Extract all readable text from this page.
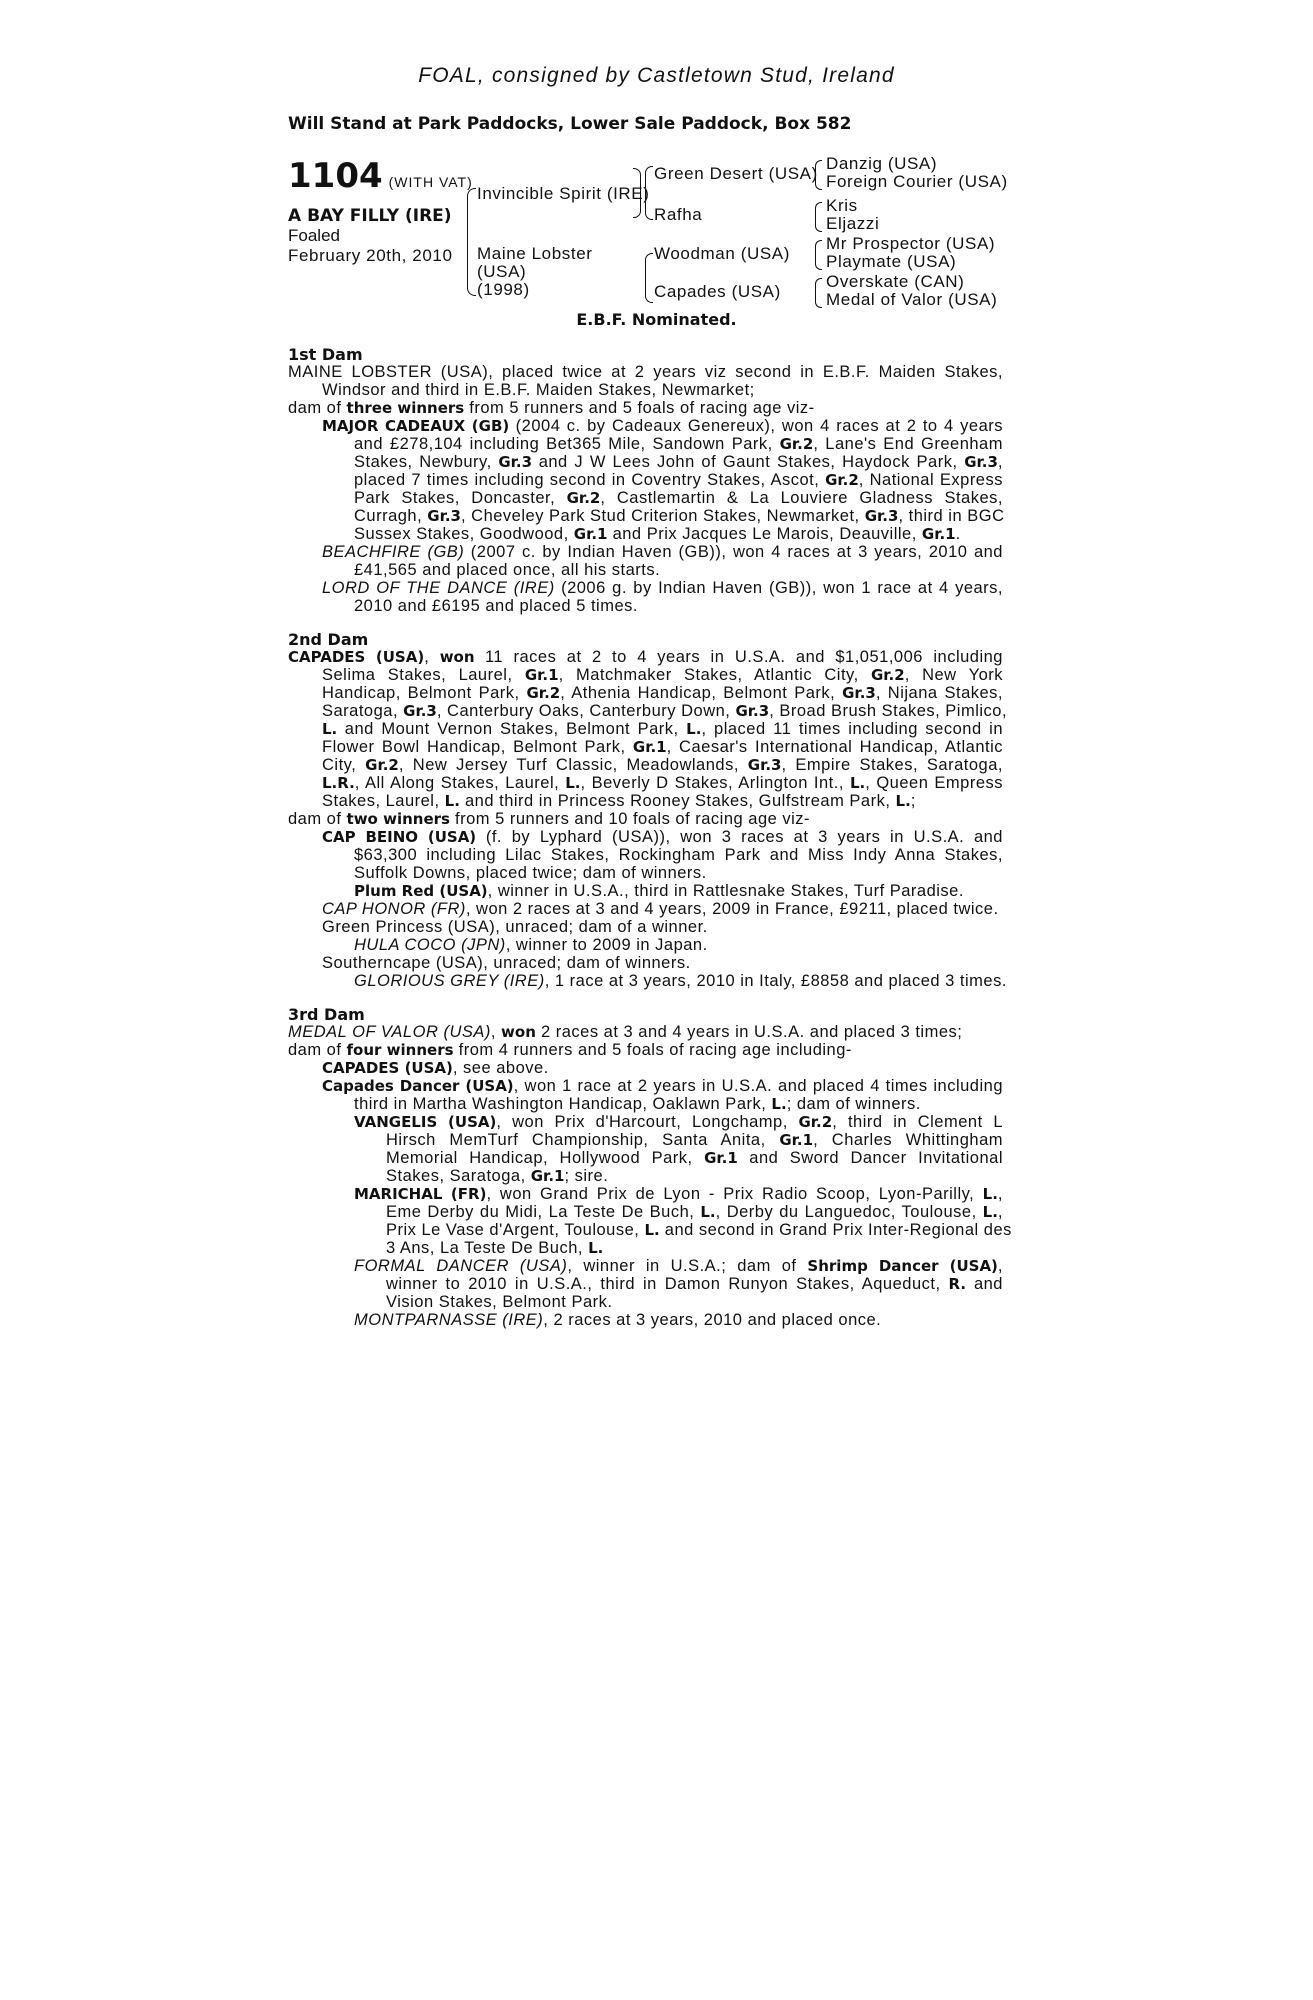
FOAL, consigned by Castletown Stud, Ireland
Will Stand at Park Paddocks, Lower Sale Paddock, Box 582
1104 (WITH VAT)
A BAY FILLY (IRE)
Foaled
February 20th, 2010
Invincible Spirit (IRE)
Maine Lobster
(USA)
(1998)
Green Desert (USA)
Rafha
Woodman (USA)
Capades (USA)
Danzig (USA)
Foreign Courier (USA)
Kris
Eljazzi
Mr Prospector (USA)
Playmate (USA)
Overskate (CAN)
Medal of Valor (USA)
E.B.F. Nominated.
1st Dam
MAINE LOBSTER (USA), placed twice at 2 years viz second in E.B.F. Maiden Stakes,
Windsor and third in E.B.F. Maiden Stakes, Newmarket;
dam of three winners from 5 runners and 5 foals of racing age viz-
MAJOR CADEAUX (GB) (2004 c. by Cadeaux Genereux), won 4 races at 2 to 4 years
and £278,104 including Bet365 Mile, Sandown Park, Gr.2, Lane's End Greenham
Stakes, Newbury, Gr.3 and J W Lees John of Gaunt Stakes, Haydock Park, Gr.3,
placed 7 times including second in Coventry Stakes, Ascot, Gr.2, National Express
Park Stakes, Doncaster, Gr.2, Castlemartin & La Louviere Gladness Stakes,
Curragh, Gr.3, Cheveley Park Stud Criterion Stakes, Newmarket, Gr.3, third in BGC
Sussex Stakes, Goodwood, Gr.1 and Prix Jacques Le Marois, Deauville, Gr.1.
BEACHFIRE (GB) (2007 c. by Indian Haven (GB)), won 4 races at 3 years, 2010 and
£41,565 and placed once, all his starts.
LORD OF THE DANCE (IRE) (2006 g. by Indian Haven (GB)), won 1 race at 4 years,
2010 and £6195 and placed 5 times.
2nd Dam
CAPADES (USA), won 11 races at 2 to 4 years in U.S.A. and $1,051,006 including
Selima Stakes, Laurel, Gr.1, Matchmaker Stakes, Atlantic City, Gr.2, New York
Handicap, Belmont Park, Gr.2, Athenia Handicap, Belmont Park, Gr.3, Nijana Stakes,
Saratoga, Gr.3, Canterbury Oaks, Canterbury Down, Gr.3, Broad Brush Stakes, Pimlico,
L. and Mount Vernon Stakes, Belmont Park, L., placed 11 times including second in
Flower Bowl Handicap, Belmont Park, Gr.1, Caesar's International Handicap, Atlantic
City, Gr.2, New Jersey Turf Classic, Meadowlands, Gr.3, Empire Stakes, Saratoga,
L.R., All Along Stakes, Laurel, L., Beverly D Stakes, Arlington Int., L., Queen Empress
Stakes, Laurel, L. and third in Princess Rooney Stakes, Gulfstream Park, L.;
dam of two winners from 5 runners and 10 foals of racing age viz-
CAP BEINO (USA) (f. by Lyphard (USA)), won 3 races at 3 years in U.S.A. and
$63,300 including Lilac Stakes, Rockingham Park and Miss Indy Anna Stakes,
Suffolk Downs, placed twice; dam of winners.
Plum Red (USA), winner in U.S.A., third in Rattlesnake Stakes, Turf Paradise.
CAP HONOR (FR), won 2 races at 3 and 4 years, 2009 in France, £9211, placed twice.
Green Princess (USA), unraced; dam of a winner.
HULA COCO (JPN), winner to 2009 in Japan.
Southerncape (USA), unraced; dam of winners.
GLORIOUS GREY (IRE), 1 race at 3 years, 2010 in Italy, £8858 and placed 3 times.
3rd Dam
MEDAL OF VALOR (USA), won 2 races at 3 and 4 years in U.S.A. and placed 3 times;
dam of four winners from 4 runners and 5 foals of racing age including-
CAPADES (USA), see above.
Capades Dancer (USA), won 1 race at 2 years in U.S.A. and placed 4 times including
third in Martha Washington Handicap, Oaklawn Park, L.; dam of winners.
VANGELIS (USA), won Prix d'Harcourt, Longchamp, Gr.2, third in Clement L
Hirsch MemTurf Championship, Santa Anita, Gr.1, Charles Whittingham
Memorial Handicap, Hollywood Park, Gr.1 and Sword Dancer Invitational
Stakes, Saratoga, Gr.1; sire.
MARICHAL (FR), won Grand Prix de Lyon - Prix Radio Scoop, Lyon-Parilly, L.,
Eme Derby du Midi, La Teste De Buch, L., Derby du Languedoc, Toulouse, L.,
Prix Le Vase d'Argent, Toulouse, L. and second in Grand Prix Inter-Regional des
3 Ans, La Teste De Buch, L.
FORMAL DANCER (USA), winner in U.S.A.; dam of Shrimp Dancer (USA),
winner to 2010 in U.S.A., third in Damon Runyon Stakes, Aqueduct, R. and
Vision Stakes, Belmont Park.
MONTPARNASSE (IRE), 2 races at 3 years, 2010 and placed once.
